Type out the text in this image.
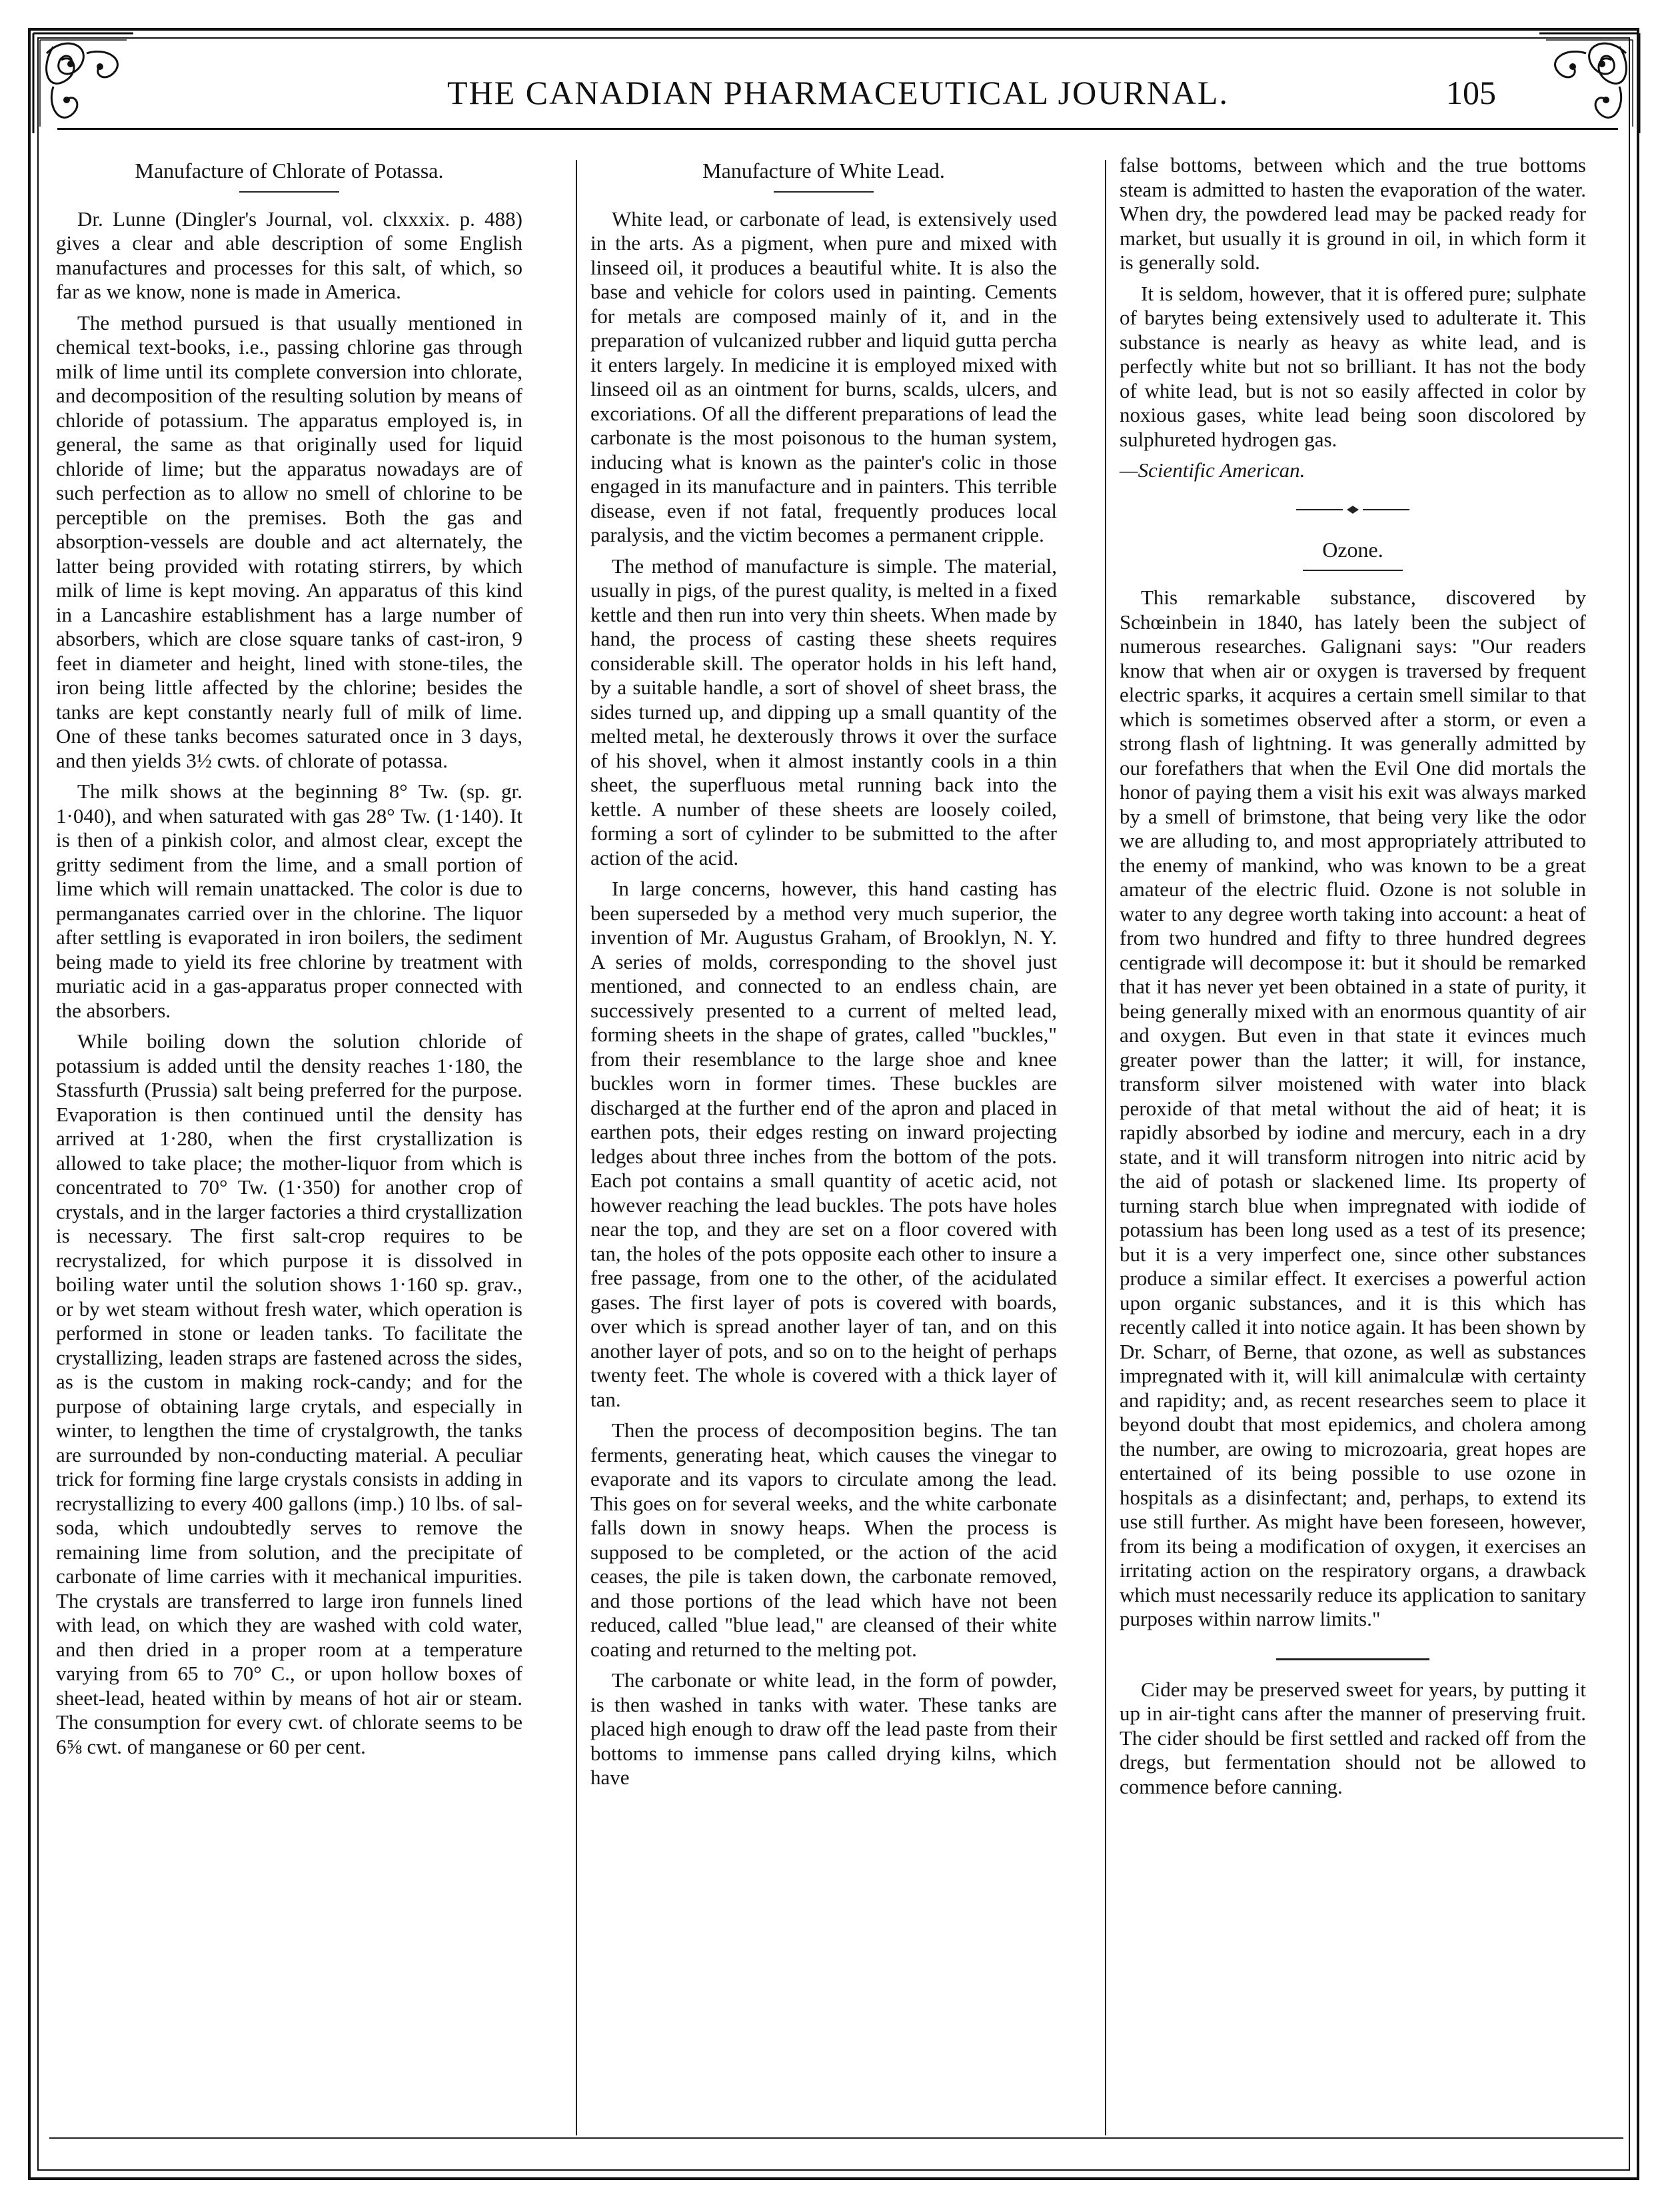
THE CANADIAN PHARMACEUTICAL JOURNAL.	105
Manufacture of Chlorate of Potassa.

Dr. Lunne (Dingler's Journal, vol. clxxxix. p. 488) gives a clear and able description of some English manufactures and processes for this salt, of which, so far as we know, none is made in America.

The method pursued is that usually mentioned in chemical text-books, i.e., passing chlorine gas through milk of lime until its complete conversion into chlorate, and decomposition of the resulting solution by means of chloride of potassium. The apparatus employed is, in general, the same as that originally used for liquid chloride of lime; but the apparatus nowadays are of such perfection as to allow no smell of chlorine to be perceptible on the premises. Both the gas and absorption-vessels are double and act alternately, the latter being provided with rotating stirrers, by which milk of lime is kept moving. An apparatus of this kind in a Lancashire establishment has a large number of absorbers, which are close square tanks of cast-iron, 9 feet in diameter and height, lined with stone-tiles, the iron being little affected by the chlorine; besides the tanks are kept constantly nearly full of milk of lime. One of these tanks becomes saturated once in 3 days, and then yields 3½ cwts. of chlorate of potassa.

The milk shows at the beginning 8° Tw. (sp. gr. 1·040), and when saturated with gas 28° Tw. (1·140). It is then of a pinkish color, and almost clear, except the gritty sediment from the lime, and a small portion of lime which will remain unattacked. The color is due to permanganates carried over in the chlorine. The liquor after settling is evaporated in iron boilers, the sediment being made to yield its free chlorine by treatment with muriatic acid in a gas-apparatus proper connected with the absorbers.

While boiling down the solution chloride of potassium is added until the density reaches 1·180, the Stassfurth (Prussia) salt being preferred for the purpose. Evaporation is then continued until the density has arrived at 1·280, when the first crystallization is allowed to take place; the mother-liquor from which is concentrated to 70° Tw. (1·350) for another crop of crystals, and in the larger factories a third crystallization is necessary. The first salt-crop requires to be recrystalized, for which purpose it is dissolved in boiling water until the solution shows 1·160 sp. grav., or by wet steam without fresh water, which operation is performed in stone or leaden tanks. To facilitate the crystallizing, leaden straps are fastened across the sides, as is the custom in making rock-candy; and for the purpose of obtaining large crytals, and especially in winter, to lengthen the time of crystalgrowth, the tanks are surrounded by non-conducting material. A peculiar trick for forming fine large crystals consists in adding in recrystallizing to every 400 gallons (imp.) 10 lbs. of sal-soda, which undoubtedly serves to remove the remaining lime from solution, and the precipitate of carbonate of lime carries with it mechanical impurities. The crystals are transferred to large iron funnels lined with lead, on which they are washed with cold water, and then dried in a proper room at a temperature varying from 65 to 70° C., or upon hollow boxes of sheet-lead, heated within by means of hot air or steam. The consumption for every cwt. of chlorate seems to be 6⅝ cwt. of manganese or 60 per cent.

Manufacture of White Lead.

White lead, or carbonate of lead, is extensively used in the arts. As a pigment, when pure and mixed with linseed oil, it produces a beautiful white. It is also the base and vehicle for colors used in painting. Cements for metals are composed mainly of it, and in the preparation of vulcanized rubber and liquid gutta percha it enters largely. In medicine it is employed mixed with linseed oil as an ointment for burns, scalds, ulcers, and excoriations. Of all the different preparations of lead the carbonate is the most poisonous to the human system, inducing what is known as the painter's colic in those engaged in its manufacture and in painters. This terrible disease, even if not fatal, frequently produces local paralysis, and the victim becomes a permanent cripple.

The method of manufacture is simple. The material, usually in pigs, of the purest quality, is melted in a fixed kettle and then run into very thin sheets. When made by hand, the process of casting these sheets requires considerable skill. The operator holds in his left hand, by a suitable handle, a sort of shovel of sheet brass, the sides turned up, and dipping up a small quantity of the melted metal, he dexterously throws it over the surface of his shovel, when it almost instantly cools in a thin sheet, the superfluous metal running back into the kettle. A number of these sheets are loosely coiled, forming a sort of cylinder to be submitted to the after action of the acid.

In large concerns, however, this hand casting has been superseded by a method very much superior, the invention of Mr. Augustus Graham, of Brooklyn, N. Y. A series of molds, corresponding to the shovel just mentioned, and connected to an endless chain, are successively presented to a current of melted lead, forming sheets in the shape of grates, called "buckles," from their resemblance to the large shoe and knee buckles worn in former times. These buckles are discharged at the further end of the apron and placed in earthen pots, their edges resting on inward projecting ledges about three inches from the bottom of the pots. Each pot contains a small quantity of acetic acid, not however reaching the lead buckles. The pots have holes near the top, and they are set on a floor covered with tan, the holes of the pots opposite each other to insure a free passage, from one to the other, of the acidulated gases. The first layer of pots is covered with boards, over which is spread another layer of tan, and on this another layer of pots, and so on to the height of perhaps twenty feet. The whole is covered with a thick layer of tan.

Then the process of decomposition begins. The tan ferments, generating heat, which causes the vinegar to evaporate and its vapors to circulate among the lead. This goes on for several weeks, and the white carbonate falls down in snowy heaps. When the process is supposed to be completed, or the action of the acid ceases, the pile is taken down, the carbonate removed, and those portions of the lead which have not been reduced, called "blue lead," are cleansed of their white coating and returned to the melting pot.

The carbonate or white lead, in the form of powder, is then washed in tanks with water. These tanks are placed high enough to draw off the lead paste from their bottoms to immense pans called drying kilns, which have

false bottoms, between which and the true bottoms steam is admitted to hasten the evaporation of the water. When dry, the powdered lead may be packed ready for market, but usually it is ground in oil, in which form it is generally sold.

It is seldom, however, that it is offered pure; sulphate of barytes being extensively used to adulterate it. This substance is nearly as heavy as white lead, and is perfectly white but not so brilliant. It has not the body of white lead, but is not so easily affected in color by noxious gases, white lead being soon discolored by sulphureted hydrogen gas.

—Scientific American.

Ozone.

This remarkable substance, discovered by Schœinbein in 1840, has lately been the subject of numerous researches. Galignani says: "Our readers know that when air or oxygen is traversed by frequent electric sparks, it acquires a certain smell similar to that which is sometimes observed after a storm, or even a strong flash of lightning. It was generally admitted by our forefathers that when the Evil One did mortals the honor of paying them a visit his exit was always marked by a smell of brimstone, that being very like the odor we are alluding to, and most appropriately attributed to the enemy of mankind, who was known to be a great amateur of the electric fluid. Ozone is not soluble in water to any degree worth taking into account: a heat of from two hundred and fifty to three hundred degrees centigrade will decompose it: but it should be remarked that it has never yet been obtained in a state of purity, it being generally mixed with an enormous quantity of air and oxygen. But even in that state it evinces much greater power than the latter; it will, for instance, transform silver moistened with water into black peroxide of that metal without the aid of heat; it is rapidly absorbed by iodine and mercury, each in a dry state, and it will transform nitrogen into nitric acid by the aid of potash or slackened lime. Its property of turning starch blue when impregnated with iodide of potassium has been long used as a test of its presence; but it is a very imperfect one, since other substances produce a similar effect. It exercises a powerful action upon organic substances, and it is this which has recently called it into notice again. It has been shown by Dr. Scharr, of Berne, that ozone, as well as substances impregnated with it, will kill animalculæ with certainty and rapidity; and, as recent researches seem to place it beyond doubt that most epidemics, and cholera among the number, are owing to microzoaria, great hopes are entertained of its being possible to use ozone in hospitals as a disinfectant; and, perhaps, to extend its use still further. As might have been foreseen, however, from its being a modification of oxygen, it exercises an irritating action on the respiratory organs, a drawback which must necessarily reduce its application to sanitary purposes within narrow limits."

Cider may be preserved sweet for years, by putting it up in air-tight cans after the manner of preserving fruit. The cider should be first settled and racked off from the dregs, but fermentation should not be allowed to commence before canning.
